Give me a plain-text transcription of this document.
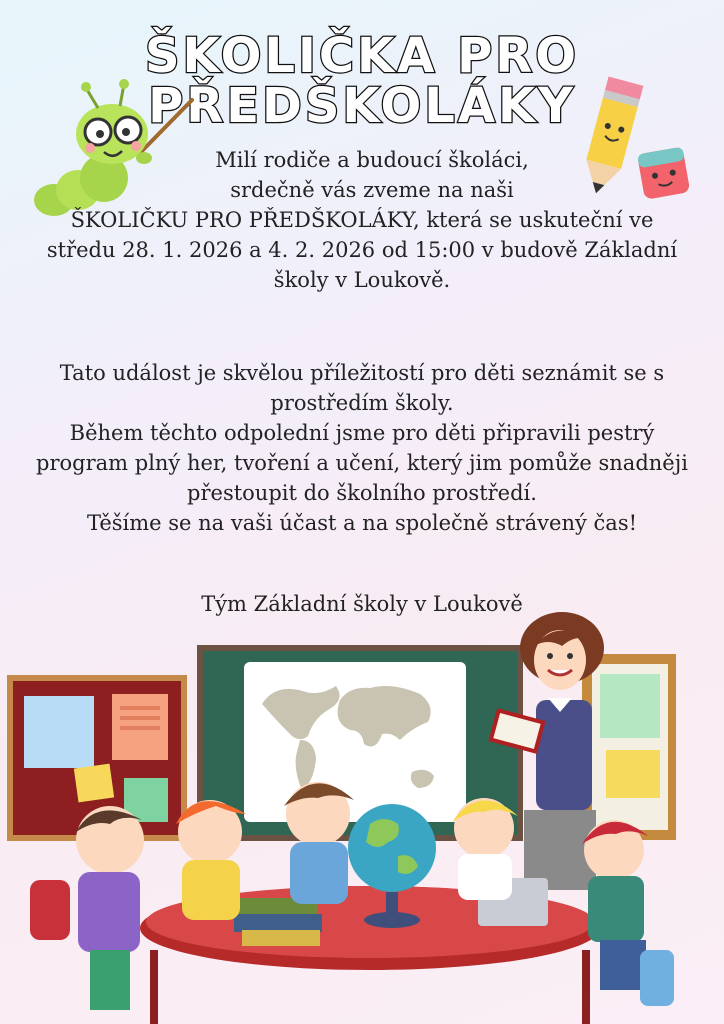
ŠKOLIČKA PRO
PŘEDŠKOLÁKY
Milí rodiče a budoucí školáci,
srdečně vás zveme na naši
ŠKOLIČKU PRO PŘEDŠKOLÁKY, která se uskuteční ve
středu 28. 1. 2026 a 4. 2. 2026 od 15:00 v budově Základní
školy v Loukově.
Tato událost je skvělou příležitostí pro děti seznámit se s
prostředím školy.
Během těchto odpolední jsme pro děti připravili pestrý
program plný her, tvoření a učení, který jim pomůže snadněji
přestoupit do školního prostředí.
Těšíme se na vaši účast a na společně strávený čas!
Tým Základní školy v Loukově
